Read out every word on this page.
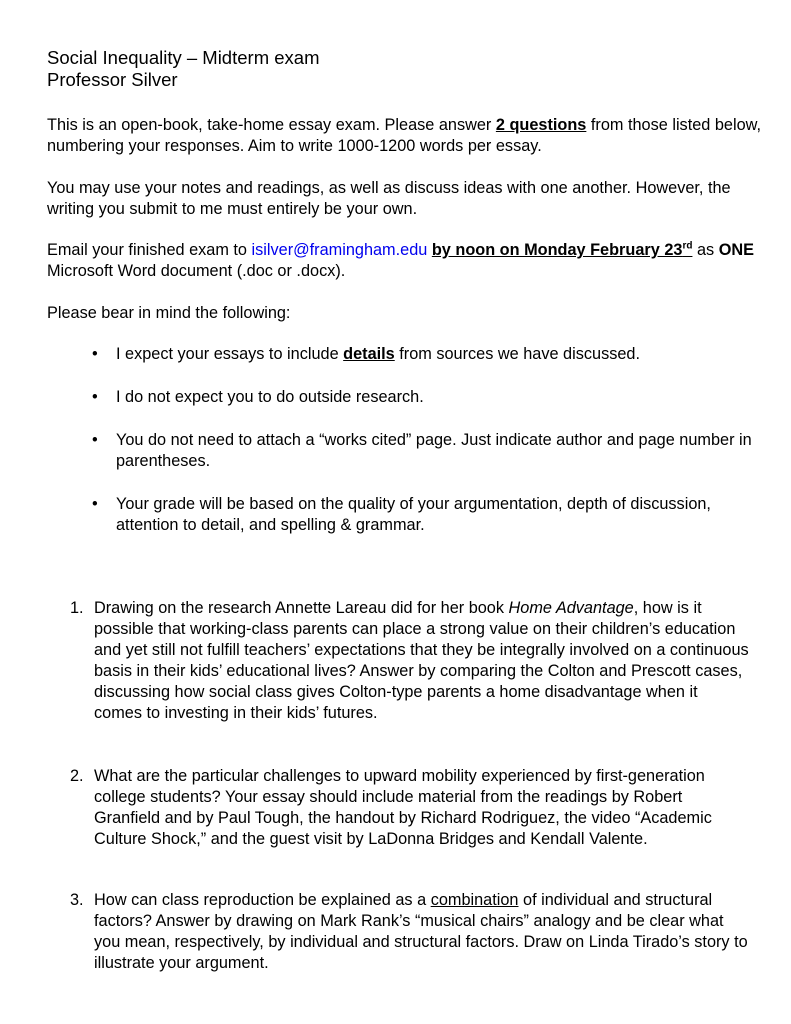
Social Inequality – Midterm exam
Professor Silver
This is an open-book, take-home essay exam. Please answer 2 questions from those listed below, numbering your responses. Aim to write 1000-1200 words per essay.
You may use your notes and readings, as well as discuss ideas with one another. However, the writing you submit to me must entirely be your own.
Email your finished exam to isilver@framingham.edu by noon on Monday February 23rd as ONE Microsoft Word document (.doc or .docx).
Please bear in mind the following:
• I expect your essays to include details from sources we have discussed.
• I do not expect you to do outside research.
• You do not need to attach a “works cited” page. Just indicate author and page number in parentheses.
• Your grade will be based on the quality of your argumentation, depth of discussion, attention to detail, and spelling & grammar.
1. Drawing on the research Annette Lareau did for her book Home Advantage, how is it possible that working-class parents can place a strong value on their children’s education and yet still not fulfill teachers’ expectations that they be integrally involved on a continuous basis in their kids’ educational lives? Answer by comparing the Colton and Prescott cases, discussing how social class gives Colton-type parents a home disadvantage when it comes to investing in their kids’ futures.
2. What are the particular challenges to upward mobility experienced by first-generation college students? Your essay should include material from the readings by Robert Granfield and by Paul Tough, the handout by Richard Rodriguez, the video “Academic Culture Shock,” and the guest visit by LaDonna Bridges and Kendall Valente.
3. How can class reproduction be explained as a combination of individual and structural factors? Answer by drawing on Mark Rank’s “musical chairs” analogy and be clear what you mean, respectively, by individual and structural factors. Draw on Linda Tirado’s story to illustrate your argument.
